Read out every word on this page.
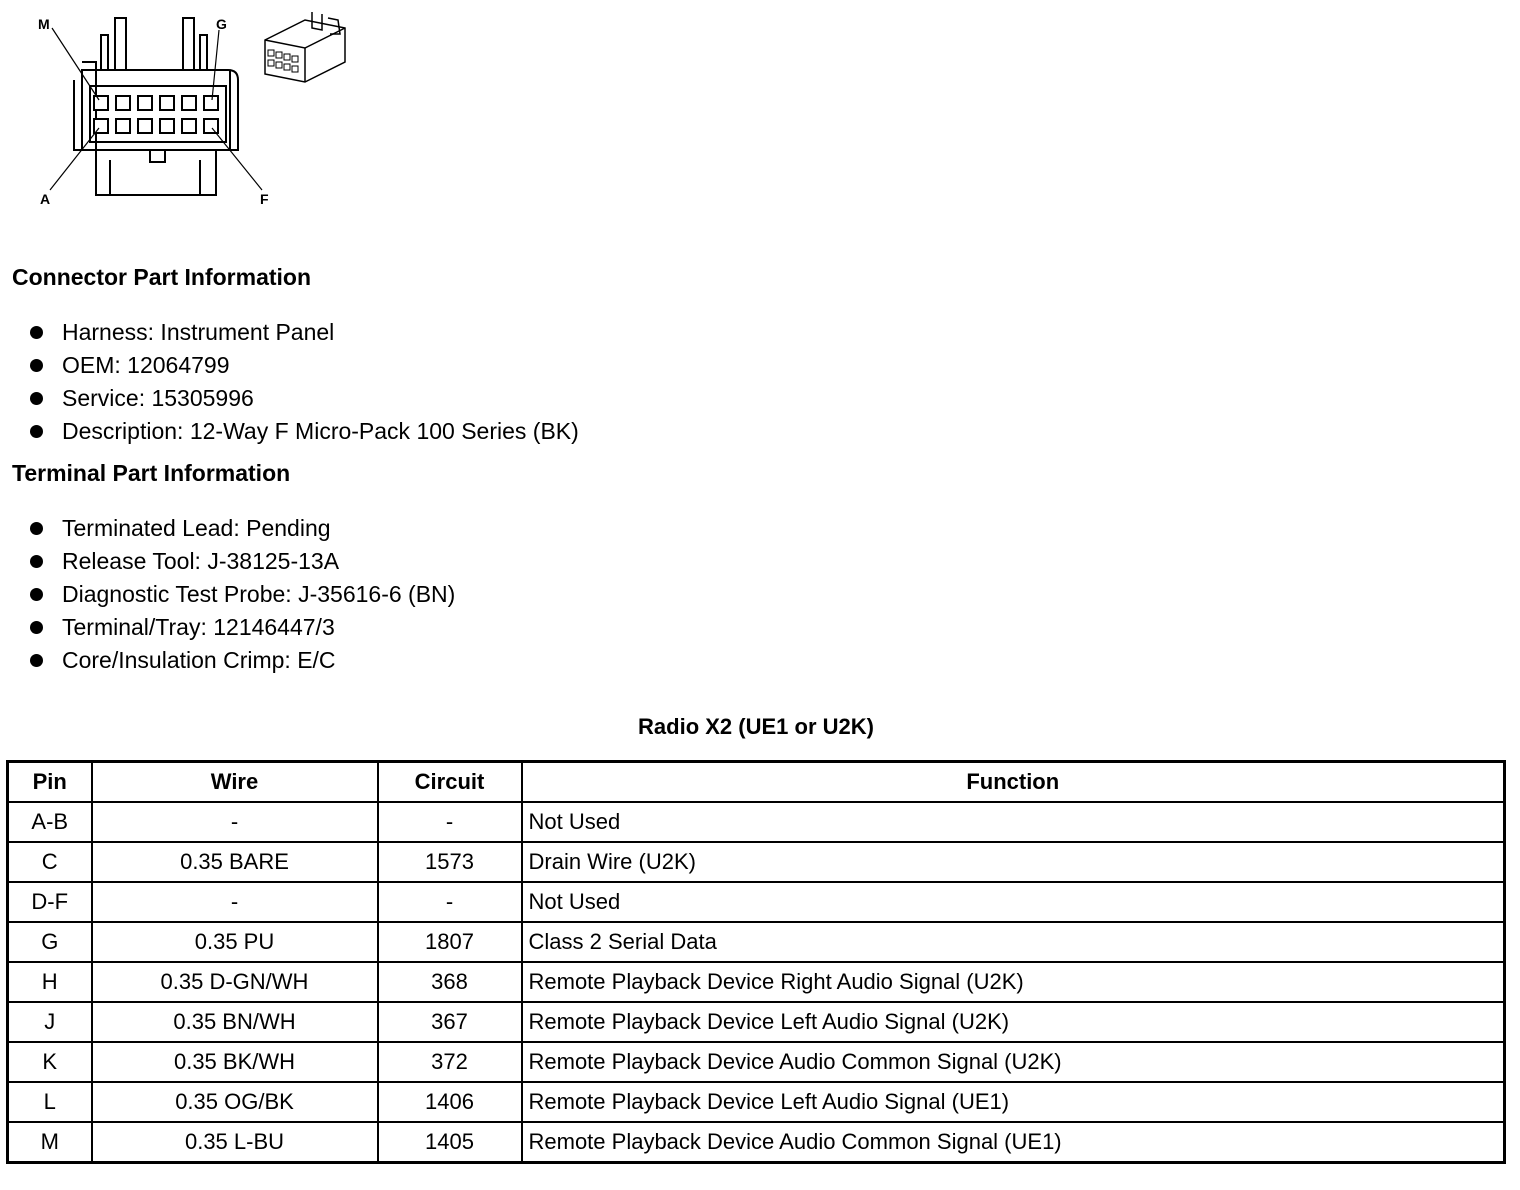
M	G
A	F
Connector Part Information
Harness: Instrument Panel
OEM: 12064799
Service: 15305996
Description: 12-Way F Micro-Pack 100 Series (BK)
Terminal Part Information
Terminated Lead: Pending
Release Tool: J-38125-13A
Diagnostic Test Probe: J-35616-6 (BN)
Terminal/Tray: 12146447/3
Core/Insulation Crimp: E/C
Radio X2 (UE1 or U2K)
Pin	Wire	Circuit	Function
A-B	-	-	Not Used
C	0.35 BARE	1573	Drain Wire (U2K)
D-F	-	-	Not Used
G	0.35 PU	1807	Class 2 Serial Data
H	0.35 D-GN/WH	368	Remote Playback Device Right Audio Signal (U2K)
J	0.35 BN/WH	367	Remote Playback Device Left Audio Signal (U2K)
K	0.35 BK/WH	372	Remote Playback Device Audio Common Signal (U2K)
L	0.35 OG/BK	1406	Remote Playback Device Left Audio Signal (UE1)
M	0.35 L-BU	1405	Remote Playback Device Audio Common Signal (UE1)
